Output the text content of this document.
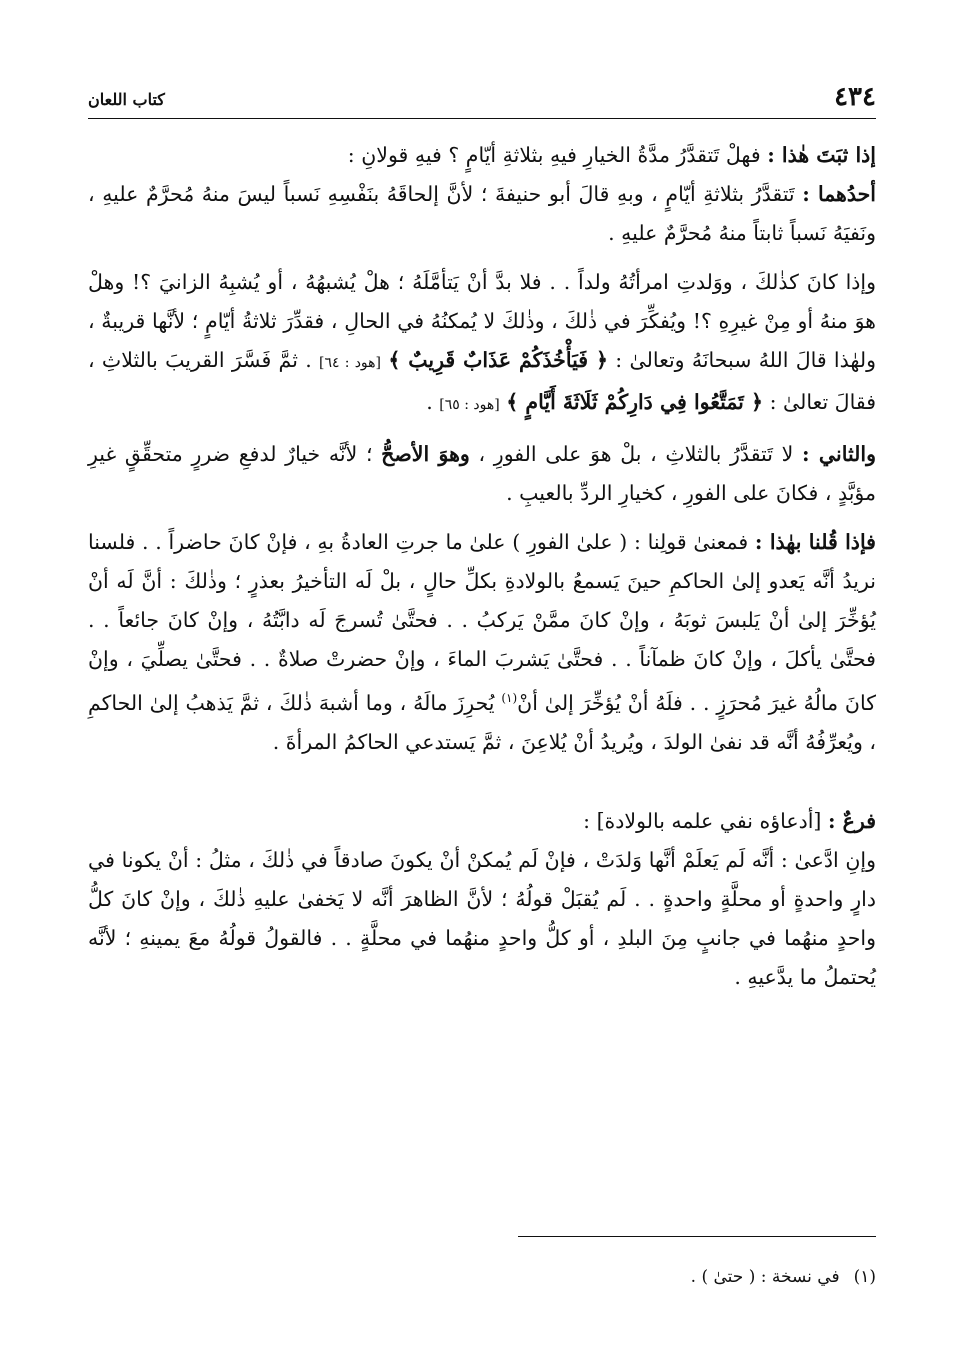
٤٣٤
كتاب اللعان

إذا ثبَتَ هٰذا : فهلْ تَتقدَّرُ مدَّةُ الخيارِ فيهِ بثلاثةِ أيّامٍ ؟ فيهِ قولانِ :

أحدُهما : تَتقدَّرُ بثلاثةِ أيّامٍ ، وبهِ قالَ أبو حنيفةَ ؛ لأنَّ إلحاقَهُ بنَفْسِهِ نَسباً ليسَ منهُ مُحرَّمٌ عليهِ ، ونَفيَهُ نَسباً ثابتاً منهُ مُحرَّمٌ عليهِ .

وإذا كانَ كذٰلكَ ، ووَلدتِ امرأتُهُ ولداً . . فلا بدَّ أنْ يَتأمَّلَهُ ؛ هلْ يُشبهُهُ ، أو يُشبِهُ الزانيَ ؟! وهلْ هوَ منهُ أو مِنْ غيرِهِ ؟! ويُفكِّرَ في ذٰلكَ ، وذٰلكَ لا يُمكنُهُ في الحالِ ، فقدِّرَ ثلاثةُ أيّامٍ ؛ لأنَّها قريبةٌ ، ولهٰذا قالَ اللهُ سبحانَهُ وتعالىٰ : ﴿ فَيَأْخُذَكُمْ عَذَابٌ قَرِيبٌ ﴾ [هود : ٦٤] . ثمَّ فَسَّرَ القريبَ بالثلاثِ ، فقالَ تعالىٰ : ﴿ تَمَتَّعُوا فِي دَارِكُمْ ثَلَاثَةَ أَيَّامٍ ﴾ [هود : ٦٥] .

والثاني : لا تَتقدَّرُ بالثلاثِ ، بلْ هوَ على الفورِ ، وهوَ الأصحُّ ؛ لأنَّه خيارٌ لدفعِ ضررٍ متحقِّقٍ غيرِ مؤبَّدٍ ، فكانَ على الفورِ ، كخيارِ الردِّ بالعيبِ .

فإذا قُلنا بهٰذا : فمعنىٰ قولِنا : ( علىٰ الفورِ ) علىٰ ما جرتِ العادةُ بهِ ، فإنْ كانَ حاضراً . . فلسنا نريدُ أنَّه يَعدو إلىٰ الحاكمِ حينَ يَسمعُ بالولادةِ بكلِّ حالٍ ، بلْ لَه التأخيرُ بعذرٍ ؛ وذٰلكَ : أنَّ لَه أنْ يُؤخِّرَ إلىٰ أنْ يَلبسَ ثوبَهُ ، وإنْ كانَ ممَّنْ يَركبُ . . فحتَّىٰ تُسرجَ لَه دابَّتُهُ ، وإنْ كانَ جائعاً . . فحتَّىٰ يأكلَ ، وإنْ كانَ ظمآناً . . فحتَّىٰ يَشربَ الماءَ ، وإنْ حضرتْ صلاةٌ . . فحتَّىٰ يصلِّيَ ، وإنْ كانَ مالُهُ غيرَ مُحرَزٍ . . فلَهُ أنْ يُؤخِّرَ إلىٰ أنْ$^{(١)}$ يُحرِزَ مالَهُ ، وما أشبهَ ذٰلكَ ، ثمَّ يَذهبُ إلىٰ الحاكمِ ، ويُعرِّفُهُ أنَّه قد نفىٰ الولدَ ، ويُريدُ أنْ يُلاعِنَ ، ثمَّ يَستدعي الحاكمُ المرأةَ .

فرعٌ : [أدعاؤه نفي علمه بالولادة] :

وإنِ ادَّعىٰ : أنَّه لَم يَعلَمْ أنَّها وَلدَتْ ، فإنْ لَم يُمكنْ أنْ يكونَ صادقاً في ذٰلكَ ، مثلُ : أنْ يكونا في دارٍ واحدةٍ أو محلَّةٍ واحدةٍ . . لَم يُقبَلْ قولُهُ ؛ لأنَّ الظاهرَ أنَّه لا يَخفىٰ عليهِ ذٰلكَ ، وإنْ كانَ كلُّ واحدٍ منهُما في جانبٍ مِنَ البلدِ ، أو كلُّ واحدٍ منهُما في محلَّةٍ . . فالقولُ قولُهُ معَ يمينهِ ؛ لأنَّه يُحتملُ ما يدَّعيهِ .

(١)في نسخة : ( حتىٰ ) .
